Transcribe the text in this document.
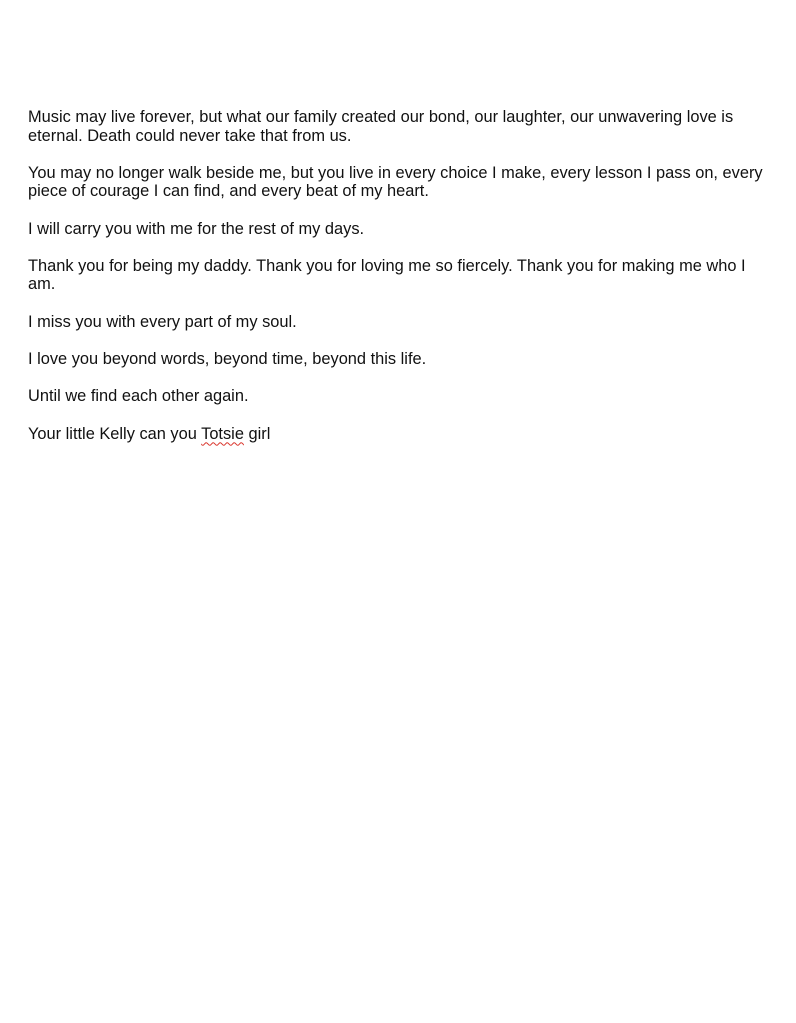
Music may live forever, but what our family created our bond, our laughter, our unwavering love is eternal. Death could never take that from us.

You may no longer walk beside me, but you live in every choice I make, every lesson I pass on, every piece of courage I can find, and every beat of my heart.

I will carry you with me for the rest of my days.

Thank you for being my daddy. Thank you for loving me so fiercely. Thank you for making me who I am.

I miss you with every part of my soul.

I love you beyond words, beyond time, beyond this life.

Until we find each other again.

Your little Kelly can you Totsie girl
